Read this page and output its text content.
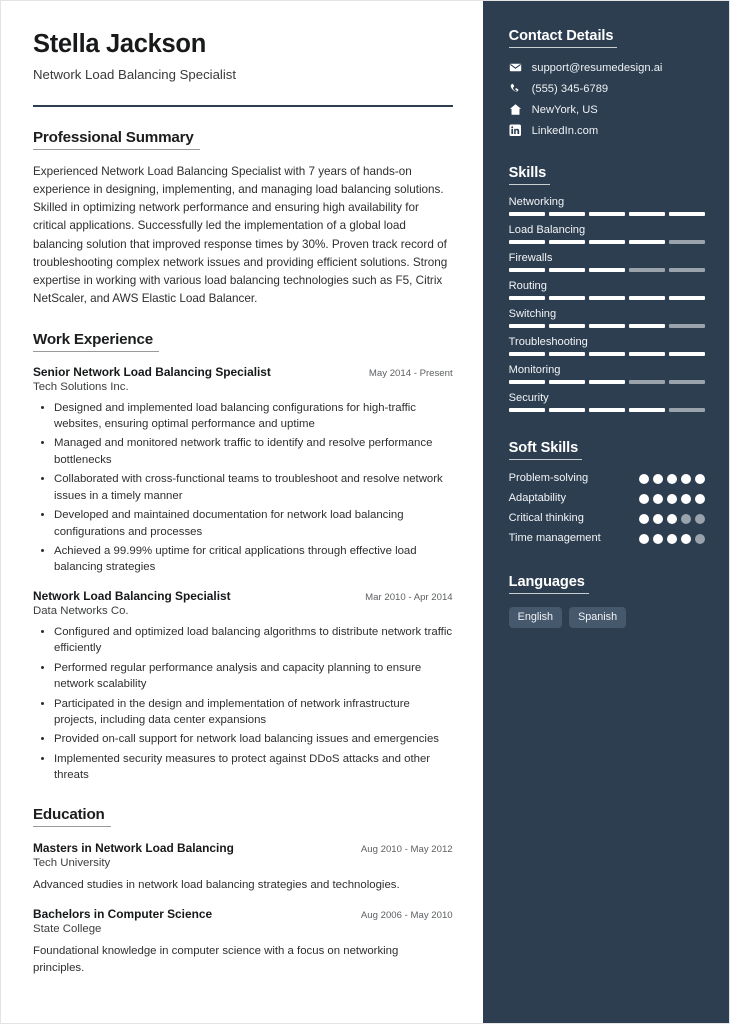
Stella Jackson
Network Load Balancing Specialist
Professional Summary

Experienced Network Load Balancing Specialist with 7 years of hands-on experience in designing, implementing, and managing load balancing solutions. Skilled in optimizing network performance and ensuring high availability for critical applications. Successfully led the implementation of a global load balancing solution that improved response times by 30%. Proven track record of troubleshooting complex network issues and providing efficient solutions. Strong expertise in working with various load balancing technologies such as F5, Citrix NetScaler, and AWS Elastic Load Balancer.

Work Experience
Senior Network Load Balancing Specialist	May 2014 - Present
Tech Solutions Inc.
• Designed and implemented load balancing configurations for high-traffic websites, ensuring optimal performance and uptime
• Managed and monitored network traffic to identify and resolve performance bottlenecks
• Collaborated with cross-functional teams to troubleshoot and resolve network issues in a timely manner
• Developed and maintained documentation for network load balancing configurations and processes
• Achieved a 99.99% uptime for critical applications through effective load balancing strategies
Network Load Balancing Specialist	Mar 2010 - Apr 2014
Data Networks Co.
• Configured and optimized load balancing algorithms to distribute network traffic efficiently
• Performed regular performance analysis and capacity planning to ensure network scalability
• Participated in the design and implementation of network infrastructure projects, including data center expansions
• Provided on-call support for network load balancing issues and emergencies
• Implemented security measures to protect against DDoS attacks and other threats
Education
Masters in Network Load Balancing	Aug 2010 - May 2012
Tech University
Advanced studies in network load balancing strategies and technologies.
Bachelors in Computer Science	Aug 2006 - May 2010
State College
Foundational knowledge in computer science with a focus on networking principles.
Contact Details
support@resumedesign.ai
(555) 345-6789
NewYork, US
LinkedIn.com
Skills
Networking
Load Balancing
Firewalls
Routing
Switching
Troubleshooting
Monitoring
Security
Soft Skills
Problem-solving
Adaptability
Critical thinking
Time management
Languages
English	Spanish
